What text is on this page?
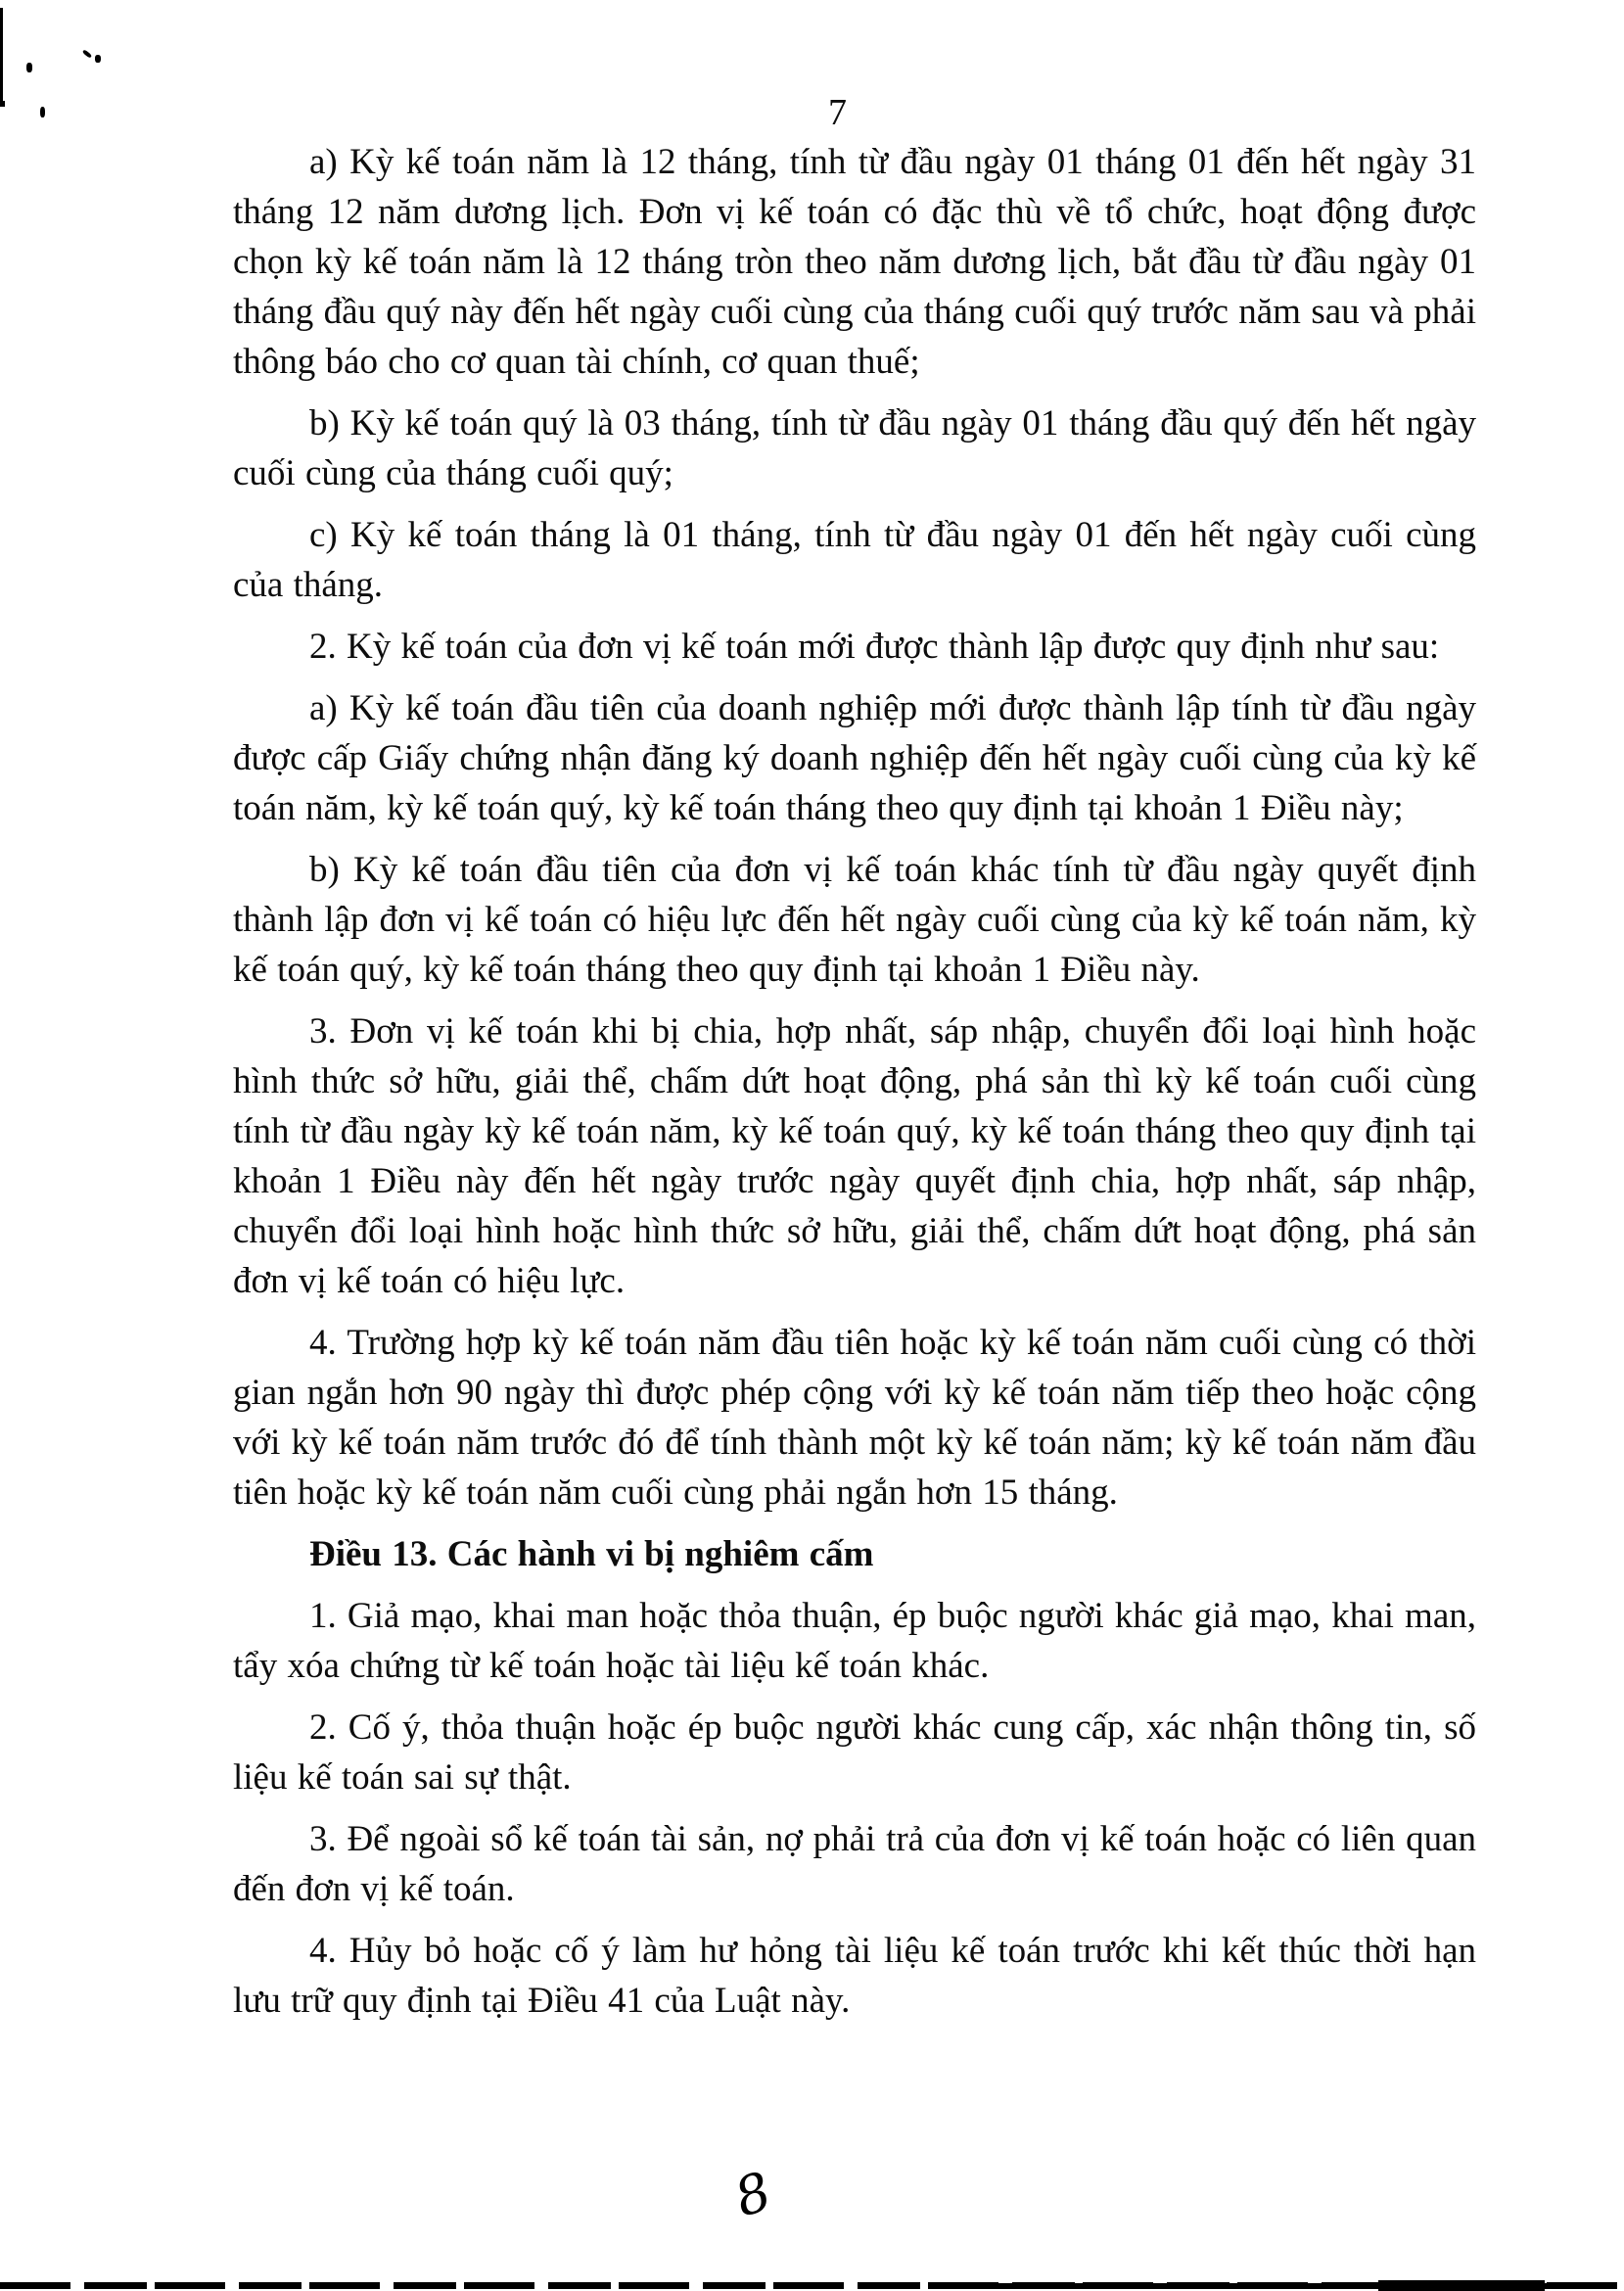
7

a) Kỳ kế toán năm là 12 tháng, tính từ đầu ngày 01 tháng 01 đến hết ngày 31 tháng 12 năm dương lịch. Đơn vị kế toán có đặc thù về tổ chức, hoạt động được chọn kỳ kế toán năm là 12 tháng tròn theo năm dương lịch, bắt đầu từ đầu ngày 01 tháng đầu quý này đến hết ngày cuối cùng của tháng cuối quý trước năm sau và phải thông báo cho cơ quan tài chính, cơ quan thuế;

b) Kỳ kế toán quý là 03 tháng, tính từ đầu ngày 01 tháng đầu quý đến hết ngày cuối cùng của tháng cuối quý;

c) Kỳ kế toán tháng là 01 tháng, tính từ đầu ngày 01 đến hết ngày cuối cùng của tháng.

2. Kỳ kế toán của đơn vị kế toán mới được thành lập được quy định như sau:

a) Kỳ kế toán đầu tiên của doanh nghiệp mới được thành lập tính từ đầu ngày được cấp Giấy chứng nhận đăng ký doanh nghiệp đến hết ngày cuối cùng của kỳ kế toán năm, kỳ kế toán quý, kỳ kế toán tháng theo quy định tại khoản 1 Điều này;

b) Kỳ kế toán đầu tiên của đơn vị kế toán khác tính từ đầu ngày quyết định thành lập đơn vị kế toán có hiệu lực đến hết ngày cuối cùng của kỳ kế toán năm, kỳ kế toán quý, kỳ kế toán tháng theo quy định tại khoản 1 Điều này.

3. Đơn vị kế toán khi bị chia, hợp nhất, sáp nhập, chuyển đổi loại hình hoặc hình thức sở hữu, giải thể, chấm dứt hoạt động, phá sản thì kỳ kế toán cuối cùng tính từ đầu ngày kỳ kế toán năm, kỳ kế toán quý, kỳ kế toán tháng theo quy định tại khoản 1 Điều này đến hết ngày trước ngày quyết định chia, hợp nhất, sáp nhập, chuyển đổi loại hình hoặc hình thức sở hữu, giải thể, chấm dứt hoạt động, phá sản đơn vị kế toán có hiệu lực.

4. Trường hợp kỳ kế toán năm đầu tiên hoặc kỳ kế toán năm cuối cùng có thời gian ngắn hơn 90 ngày thì được phép cộng với kỳ kế toán năm tiếp theo hoặc cộng với kỳ kế toán năm trước đó để tính thành một kỳ kế toán năm; kỳ kế toán năm đầu tiên hoặc kỳ kế toán năm cuối cùng phải ngắn hơn 15 tháng.

Điều 13. Các hành vi bị nghiêm cấm

1. Giả mạo, khai man hoặc thỏa thuận, ép buộc người khác giả mạo, khai man, tẩy xóa chứng từ kế toán hoặc tài liệu kế toán khác.

2. Cố ý, thỏa thuận hoặc ép buộc người khác cung cấp, xác nhận thông tin, số liệu kế toán sai sự thật.

3. Để ngoài sổ kế toán tài sản, nợ phải trả của đơn vị kế toán hoặc có liên quan đến đơn vị kế toán.

4. Hủy bỏ hoặc cố ý làm hư hỏng tài liệu kế toán trước khi kết thúc thời hạn lưu trữ quy định tại Điều 41 của Luật này.

8
